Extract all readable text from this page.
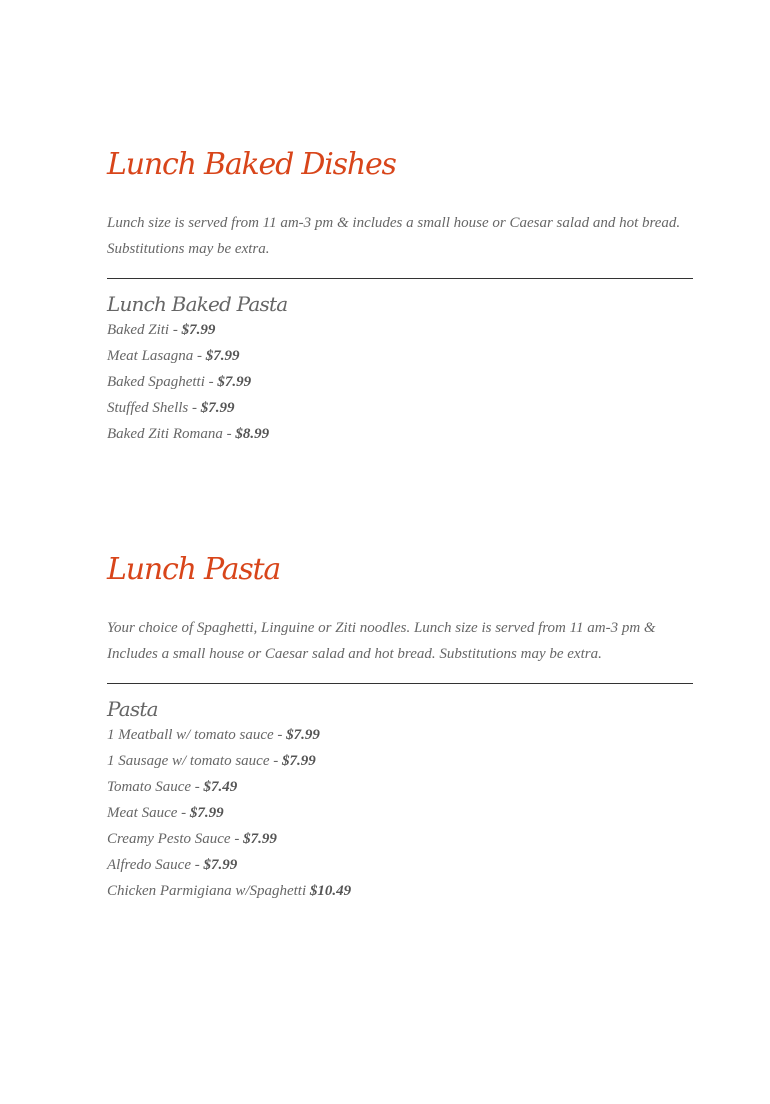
Lunch Baked Dishes

Lunch size is served from 11 am-3 pm & includes a small house or Caesar salad and hot bread. Substitutions may be extra.

Lunch Baked Pasta
Baked Ziti - $7.99
Meat Lasagna - $7.99
Baked Spaghetti - $7.99
Stuffed Shells - $7.99
Baked Ziti Romana - $8.99
Lunch Pasta

Your choice of Spaghetti, Linguine or Ziti noodles. Lunch size is served from 11 am-3 pm & Includes a small house or Caesar salad and hot bread. Substitutions may be extra.

Pasta
1 Meatball w/ tomato sauce - $7.99
1 Sausage w/ tomato sauce - $7.99
Tomato Sauce - $7.49
Meat Sauce - $7.99
Creamy Pesto Sauce - $7.99
Alfredo Sauce - $7.99
Chicken Parmigiana w/Spaghetti $10.49
